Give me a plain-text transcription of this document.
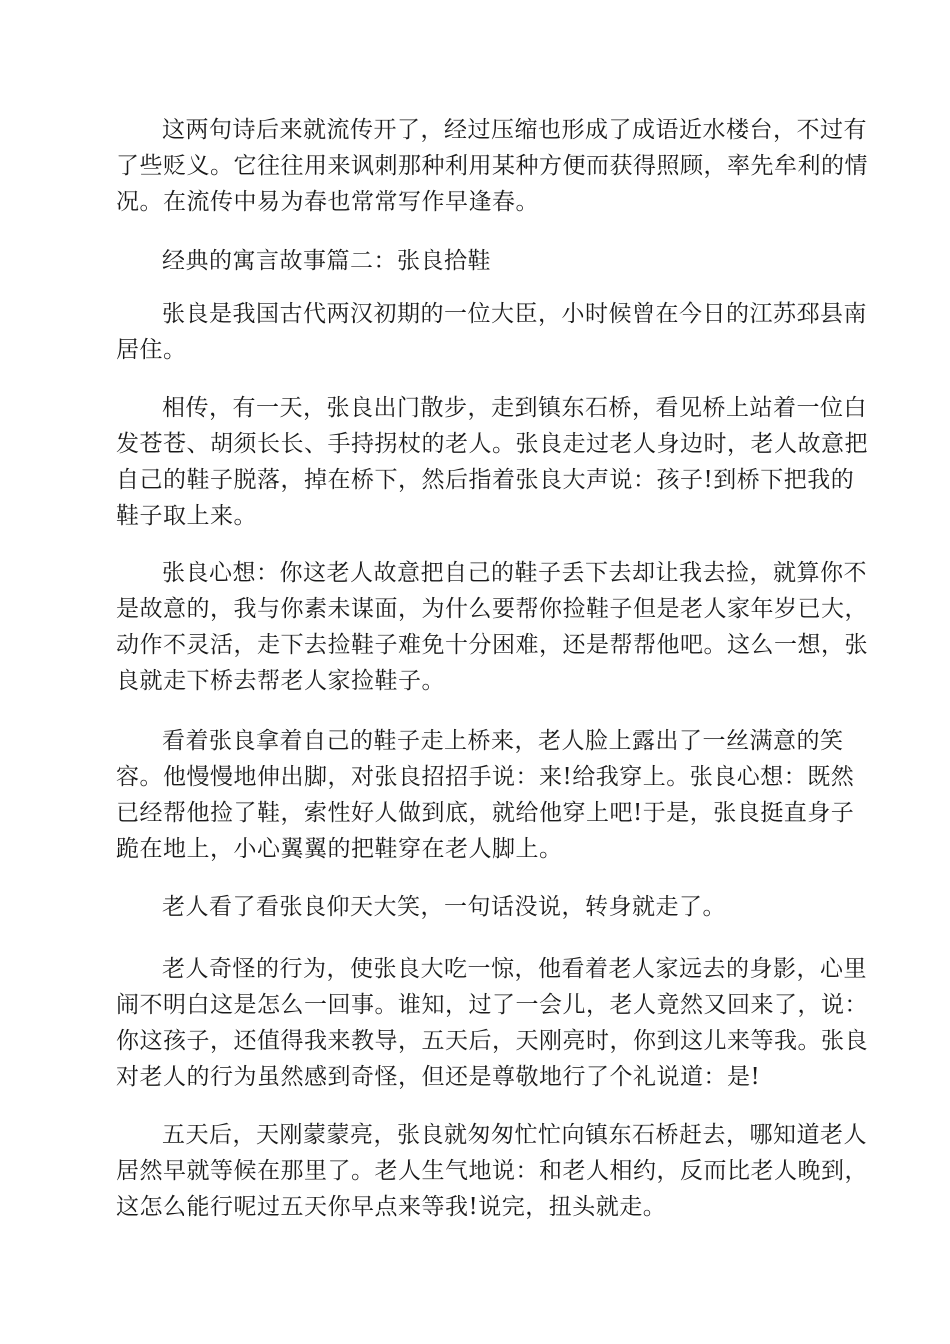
这两句诗后来就流传开了，经过压缩也形成了成语近水楼台，不过有
了些贬义。它往往用来讽刺那种利用某种方便而获得照顾，率先牟利的情
况。在流传中易为春也常常写作早逢春。

经典的寓言故事篇二：张良拾鞋

张良是我国古代两汉初期的一位大臣，小时候曾在今日的江苏邳县南
居住。

相传，有一天，张良出门散步，走到镇东石桥，看见桥上站着一位白
发苍苍、胡须长长、手持拐杖的老人。张良走过老人身边时，老人故意把
自己的鞋子脱落，掉在桥下，然后指着张良大声说：孩子!到桥下把我的
鞋子取上来。

张良心想：你这老人故意把自己的鞋子丢下去却让我去捡，就算你不
是故意的，我与你素未谋面，为什么要帮你捡鞋子但是老人家年岁已大，
动作不灵活，走下去捡鞋子难免十分困难，还是帮帮他吧。这么一想，张
良就走下桥去帮老人家捡鞋子。

看着张良拿着自己的鞋子走上桥来，老人脸上露出了一丝满意的笑
容。他慢慢地伸出脚，对张良招招手说：来!给我穿上。张良心想：既然
已经帮他捡了鞋，索性好人做到底，就给他穿上吧!于是，张良挺直身子
跪在地上，小心翼翼的把鞋穿在老人脚上。

老人看了看张良仰天大笑，一句话没说，转身就走了。

老人奇怪的行为，使张良大吃一惊，他看着老人家远去的身影，心里
闹不明白这是怎么一回事。谁知，过了一会儿，老人竟然又回来了，说：
你这孩子，还值得我来教导，五天后，天刚亮时，你到这儿来等我。张良
对老人的行为虽然感到奇怪，但还是尊敬地行了个礼说道：是!

五天后，天刚蒙蒙亮，张良就匆匆忙忙向镇东石桥赶去，哪知道老人
居然早就等候在那里了。老人生气地说：和老人相约，反而比老人晚到，
这怎么能行呢过五天你早点来等我!说完，扭头就走。
